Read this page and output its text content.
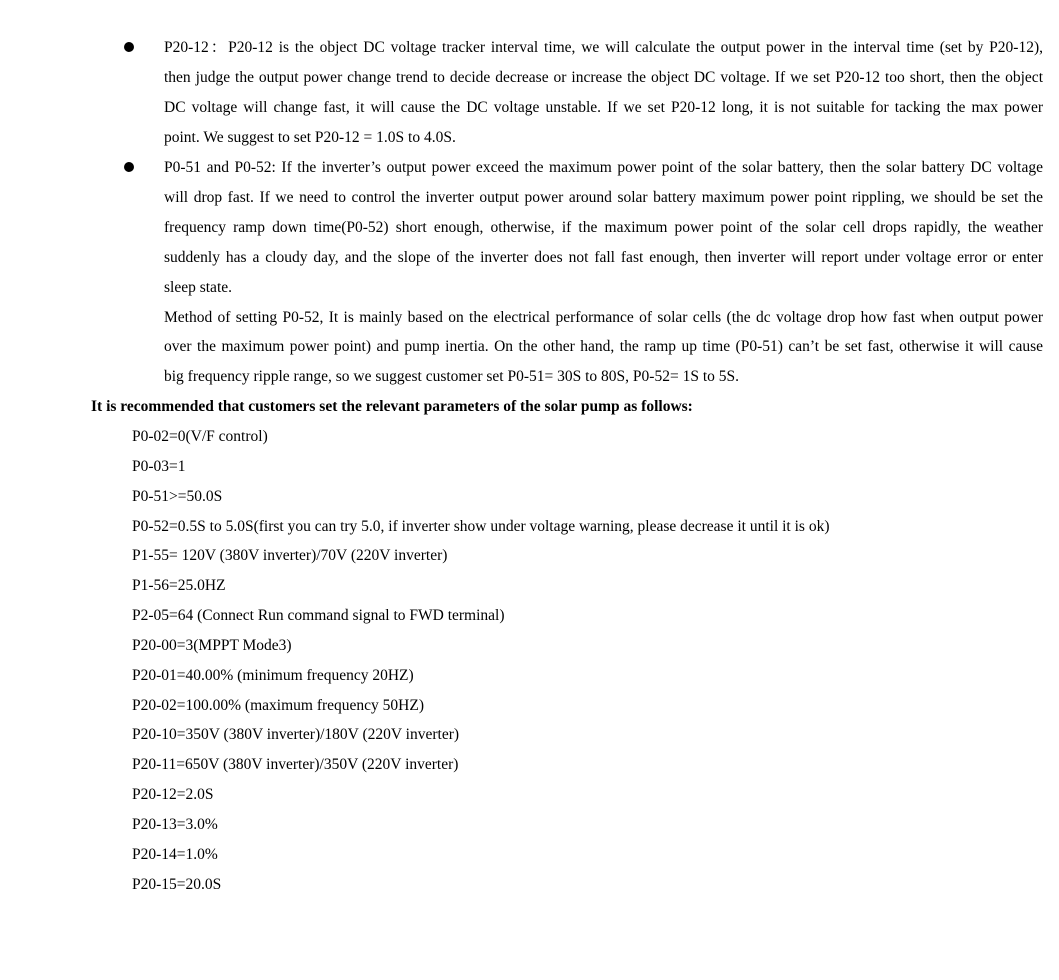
P20-12：P20-12 is the object DC voltage tracker interval time, we will calculate the output power in the interval time (set by P20-12),
then judge the output power change trend to decide decrease or increase the object DC voltage. If we set P20-12 too short, then the object
DC voltage will change fast, it will cause the DC voltage unstable. If we set P20-12 long, it is not suitable for tacking the max power
point. We suggest to set P20-12 = 1.0S to 4.0S.
P0-51 and P0-52: If the inverter’s output power exceed the maximum power point of the solar battery, then the solar battery DC voltage
will drop fast. If we need to control the inverter output power around solar battery maximum power point rippling, we should be set the
frequency ramp down time(P0-52) short enough, otherwise, if the maximum power point of the solar cell drops rapidly, the weather
suddenly has a cloudy day, and the slope of the inverter does not fall fast enough, then inverter will report under voltage error or enter
sleep state.
Method of setting P0-52, It is mainly based on the electrical performance of solar cells (the dc voltage drop how fast when output power
over the maximum power point) and pump inertia. On the other hand, the ramp up time (P0-51) can’t be set fast, otherwise it will cause
big frequency ripple range, so we suggest customer set P0-51= 30S to 80S, P0-52= 1S to 5S.
It is recommended that customers set the relevant parameters of the solar pump as follows:
P0-02=0(V/F control)
P0-03=1
P0-51>=50.0S
P0-52=0.5S to 5.0S(first you can try 5.0, if inverter show under voltage warning, please decrease it until it is ok)
P1-55= 120V (380V inverter)/70V (220V inverter)
P1-56=25.0HZ
P2-05=64 (Connect Run command signal to FWD terminal)
P20-00=3(MPPT Mode3)
P20-01=40.00% (minimum frequency 20HZ)
P20-02=100.00% (maximum frequency 50HZ)
P20-10=350V (380V inverter)/180V (220V inverter)
P20-11=650V (380V inverter)/350V (220V inverter)
P20-12=2.0S
P20-13=3.0%
P20-14=1.0%
P20-15=20.0S
